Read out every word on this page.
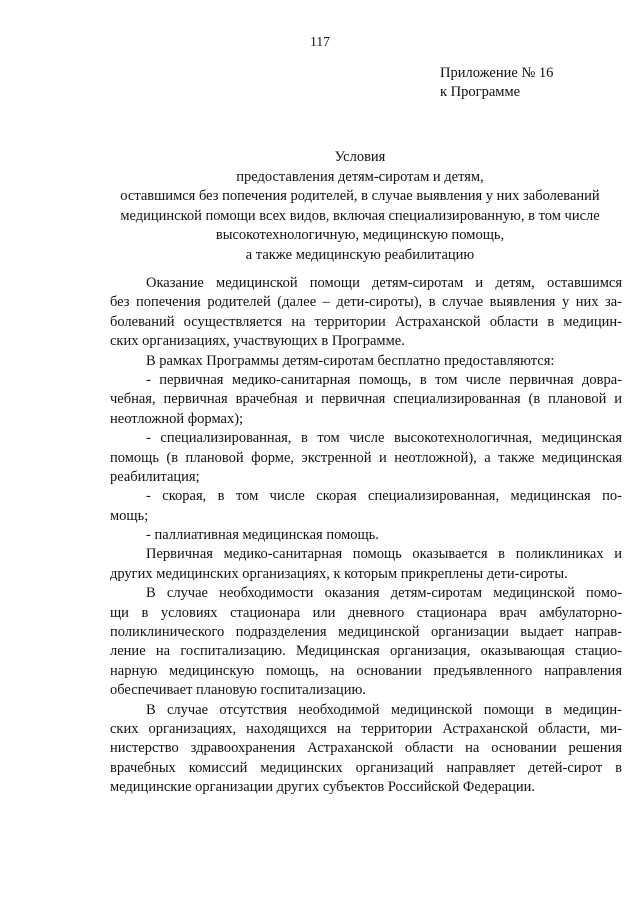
117
Приложение № 16
к Программе
Условия
предоставления детям-сиротам и детям,
оставшимся без попечения родителей, в случае выявления у них заболеваний
медицинской помощи всех видов, включая специализированную, в том числе
высокотехнологичную, медицинскую помощь,
а также медицинскую реабилитацию
Оказание медицинской помощи детям-сиротам и детям, оставшимся
без попечения родителей (далее – дети-сироты), в случае выявления у них за-
болеваний осуществляется на территории Астраханской области в медицин-
ских организациях, участвующих в Программе.
В рамках Программы детям-сиротам бесплатно предоставляются:
- первичная медико-санитарная помощь, в том числе первичная довра-
чебная, первичная врачебная и первичная специализированная (в плановой и
неотложной формах);
- специализированная, в том числе высокотехнологичная, медицинская
помощь (в плановой форме, экстренной и неотложной), а также медицинская
реабилитация;
- скорая, в том числе скорая специализированная, медицинская по-
мощь;
- паллиативная медицинская помощь.
Первичная медико-санитарная помощь оказывается в поликлиниках и
других медицинских организациях, к которым прикреплены дети-сироты.
В случае необходимости оказания детям-сиротам медицинской помо-
щи в условиях стационара или дневного стационара врач амбулаторно-
поликлинического подразделения медицинской организации выдает направ-
ление на госпитализацию. Медицинская организация, оказывающая стацио-
нарную медицинскую помощь, на основании предъявленного направления
обеспечивает плановую госпитализацию.
В случае отсутствия необходимой медицинской помощи в медицин-
ских организациях, находящихся на территории Астраханской области, ми-
нистерство здравоохранения Астраханской области на основании решения
врачебных комиссий медицинских организаций направляет детей-сирот в
медицинские организации других субъектов Российской Федерации.
